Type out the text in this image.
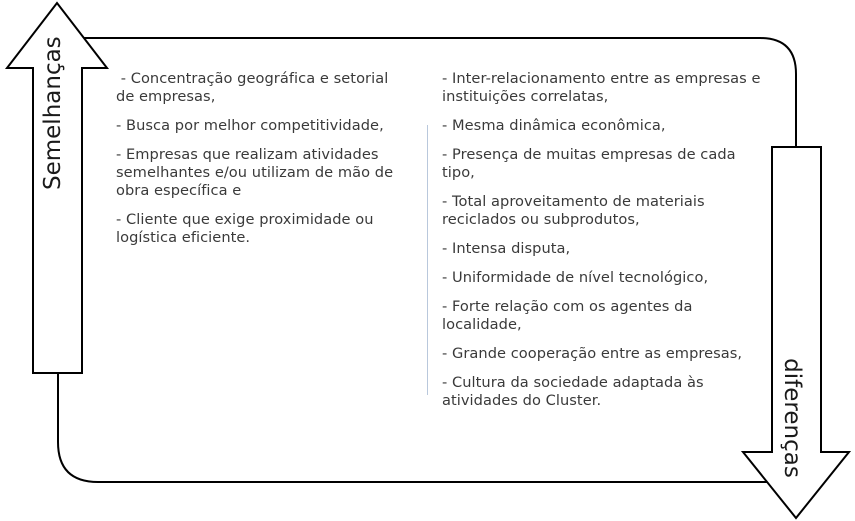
Semelhanças
diferenças
- Concentração geográfica e setorial de empresas,
- Busca por melhor competitividade,
- Empresas que realizam atividades semelhantes e/ou utilizam de mão de obra específica e
- Cliente que exige proximidade ou logística eficiente.
- Inter-relacionamento entre as empresas e instituições correlatas,
- Mesma dinâmica econômica,
- Presença de muitas empresas de cada tipo,
- Total aproveitamento de materiais reciclados ou subprodutos,
- Intensa disputa,
- Uniformidade de nível tecnológico,
- Forte relação com os agentes da localidade,
- Grande cooperação entre as empresas,
- Cultura da sociedade adaptada às atividades do Cluster.
